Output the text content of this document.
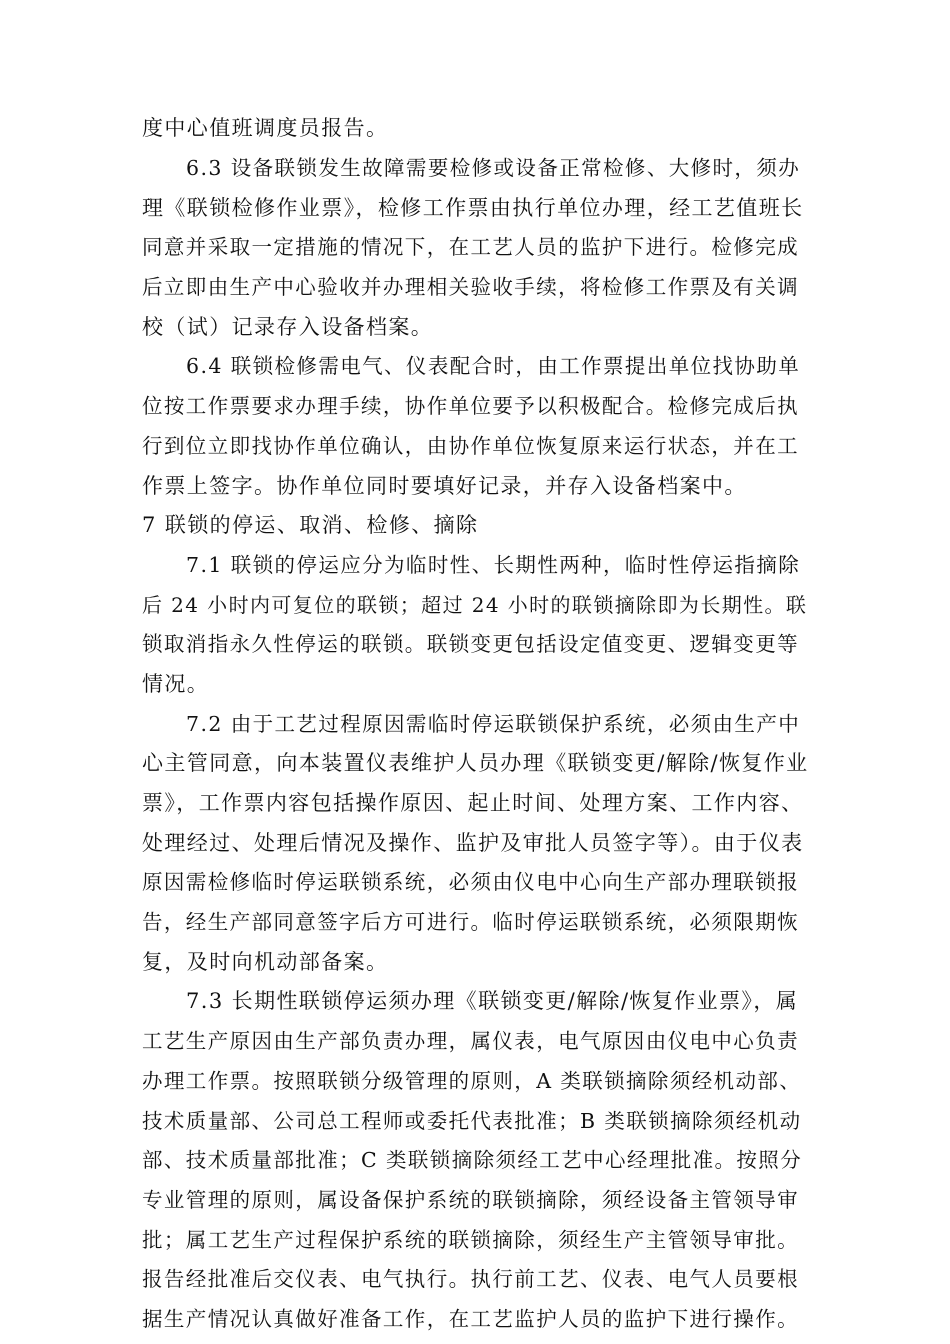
度中心值班调度员报告。

6.3 设备联锁发生故障需要检修或设备正常检修、大修时，须办

理《联锁检修作业票》，检修工作票由执行单位办理，经工艺值班长

同意并采取一定措施的情况下，在工艺人员的监护下进行。检修完成

后立即由生产中心验收并办理相关验收手续，将检修工作票及有关调

校（试）记录存入设备档案。

6.4 联锁检修需电气、仪表配合时，由工作票提出单位找协助单

位按工作票要求办理手续，协作单位要予以积极配合。检修完成后执

行到位立即找协作单位确认，由协作单位恢复原来运行状态，并在工

作票上签字。协作单位同时要填好记录，并存入设备档案中。

7 联锁的停运、取消、检修、摘除

7.1 联锁的停运应分为临时性、长期性两种，临时性停运指摘除

后 24 小时内可复位的联锁；超过 24 小时的联锁摘除即为长期性。联

锁取消指永久性停运的联锁。联锁变更包括设定值变更、逻辑变更等

情况。

7.2 由于工艺过程原因需临时停运联锁保护系统，必须由生产中

心主管同意，向本装置仪表维护人员办理《联锁变更/解除/恢复作业

票》，工作票内容包括操作原因、起止时间、处理方案、工作内容、

处理经过、处理后情况及操作、监护及审批人员签字等）。由于仪表

原因需检修临时停运联锁系统，必须由仪电中心向生产部办理联锁报

告，经生产部同意签字后方可进行。临时停运联锁系统，必须限期恢

复，及时向机动部备案。

7.3 长期性联锁停运须办理《联锁变更/解除/恢复作业票》，属

工艺生产原因由生产部负责办理，属仪表，电气原因由仪电中心负责

办理工作票。按照联锁分级管理的原则，A 类联锁摘除须经机动部、

技术质量部、公司总工程师或委托代表批准；B 类联锁摘除须经机动

部、技术质量部批准；C 类联锁摘除须经工艺中心经理批准。按照分

专业管理的原则，属设备保护系统的联锁摘除，须经设备主管领导审

批；属工艺生产过程保护系统的联锁摘除，须经生产主管领导审批。

报告经批准后交仪表、电气执行。执行前工艺、仪表、电气人员要根

据生产情况认真做好准备工作，在工艺监护人员的监护下进行操作。
